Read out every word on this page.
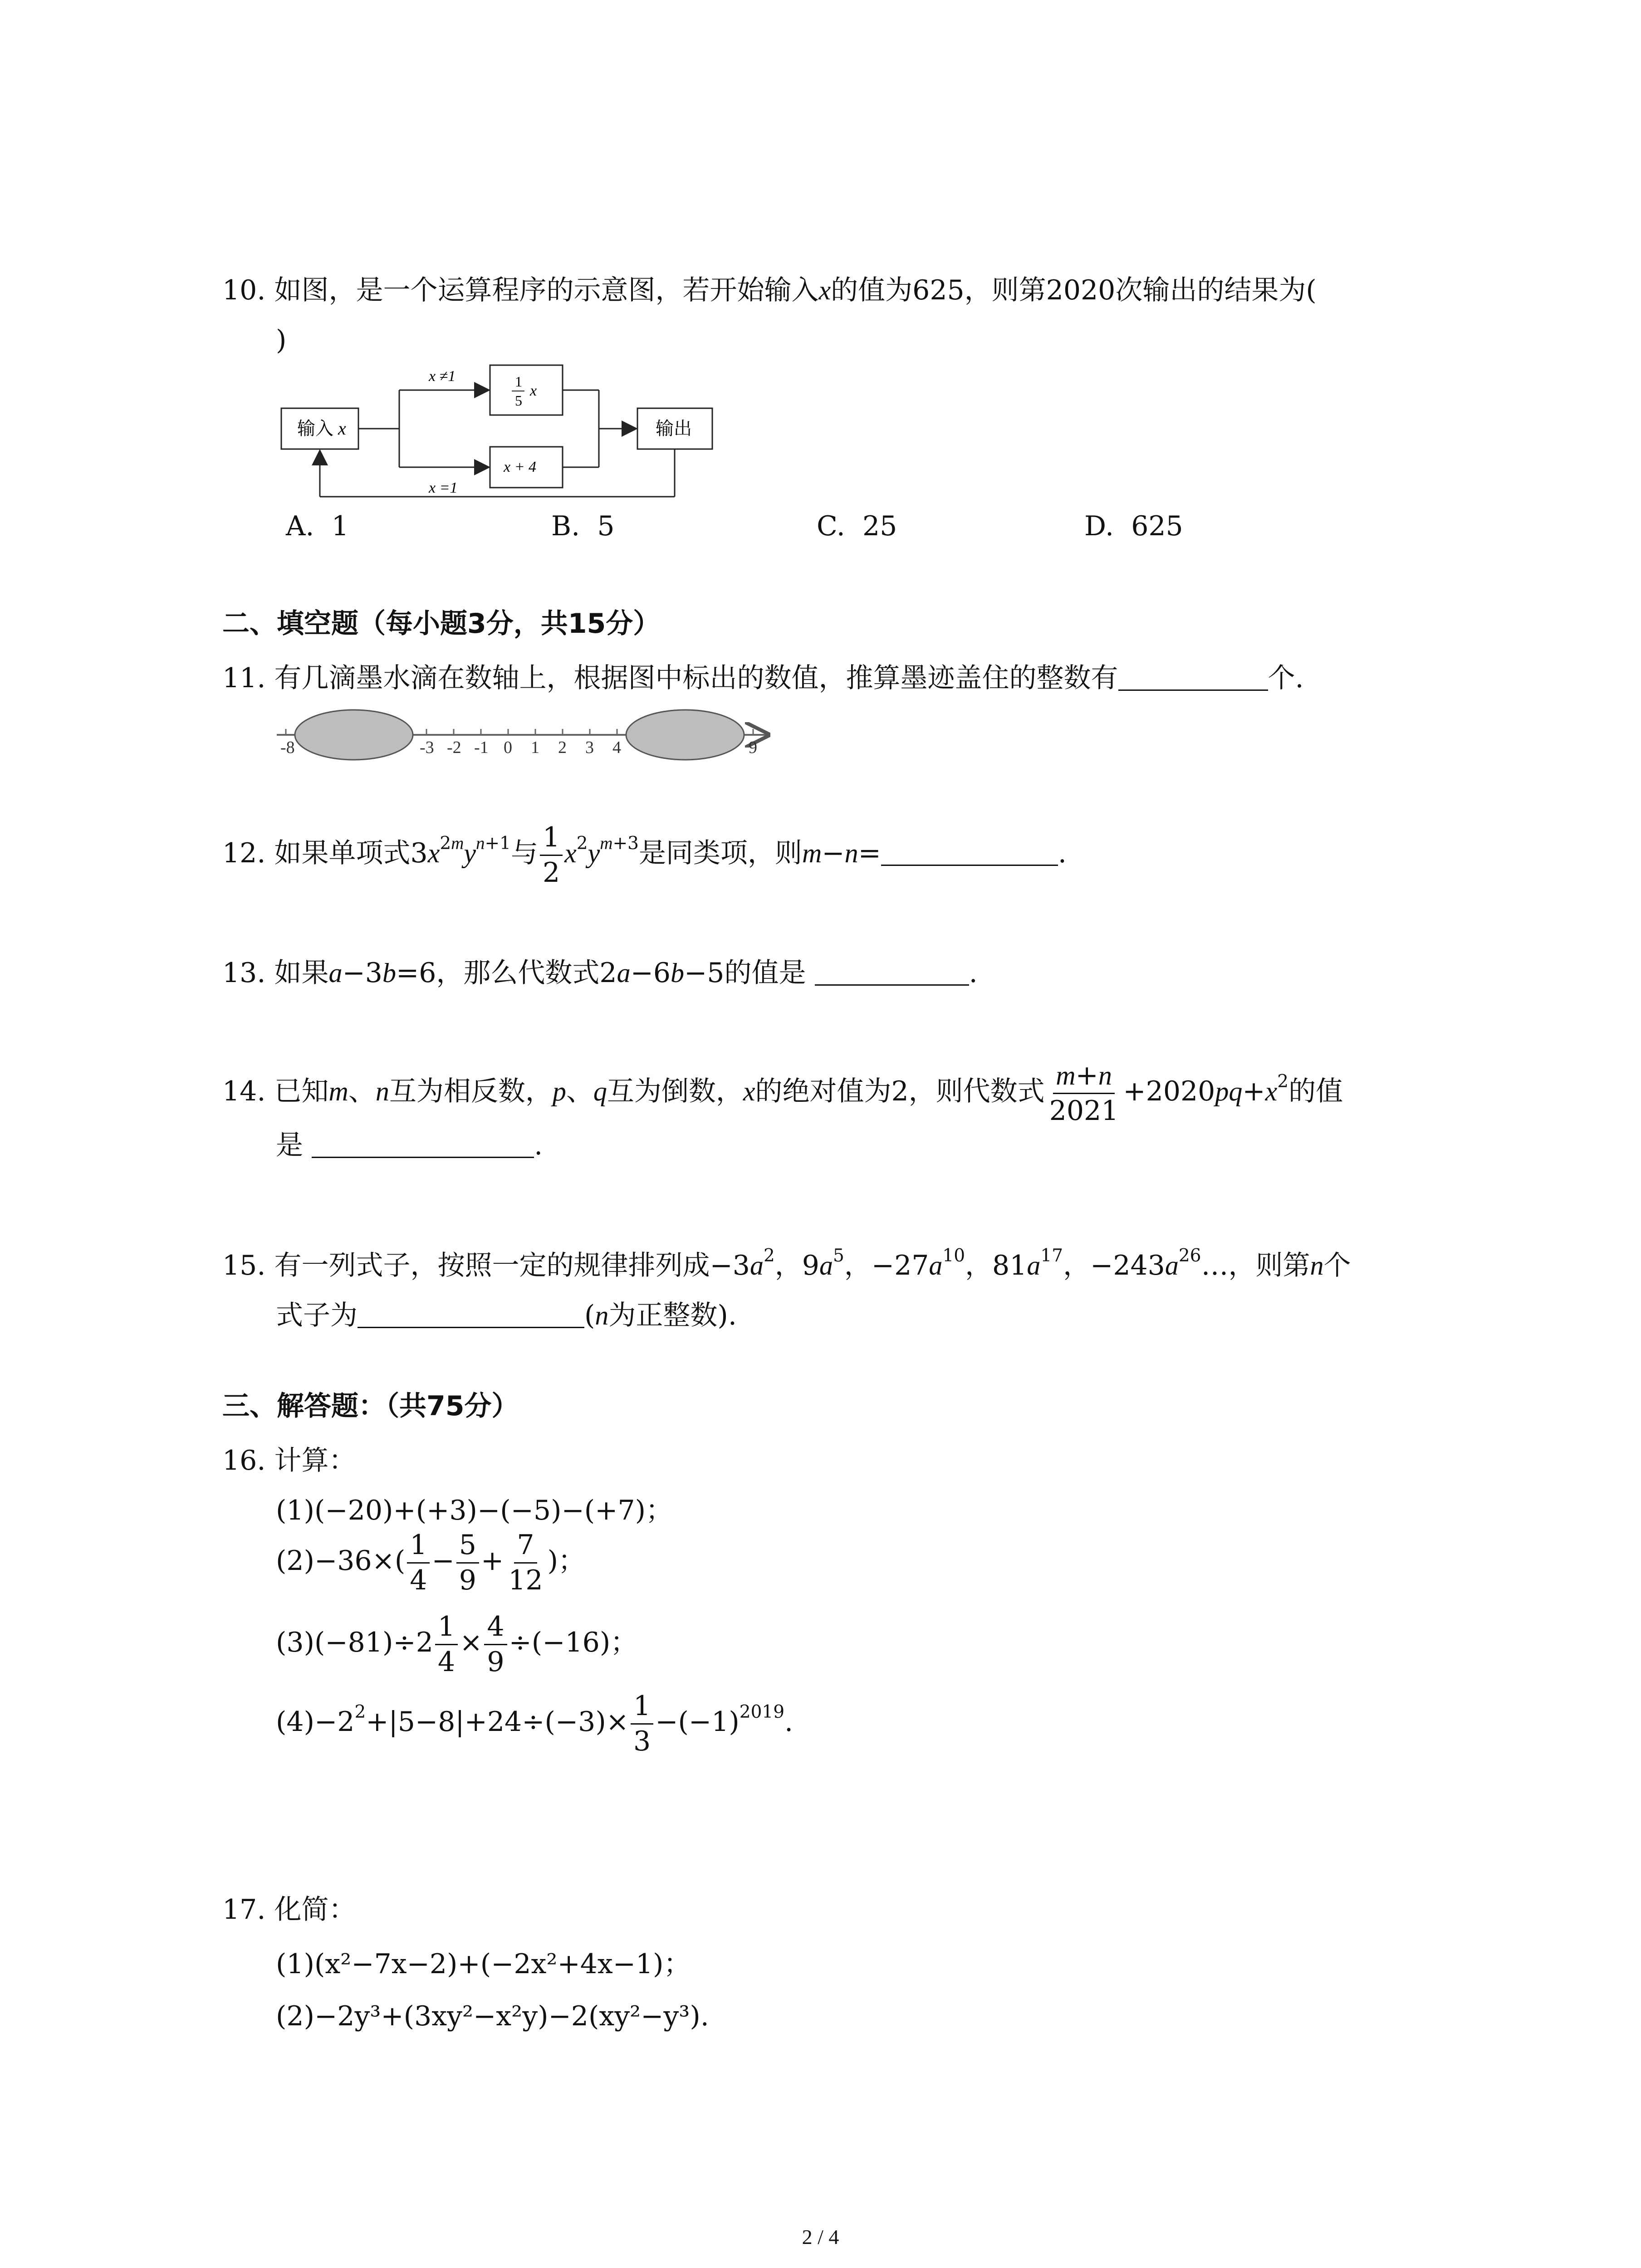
10. 如图，是一个运算程序的示意图，若开始输入x的值为625，则第2020次输出的结果为(
)
输入 x
x ≠1	1
5
x
x + 4
输出
x =1
A. 1	B. 5	C. 25	D. 625
二、填空题（每小题3分，共15分）
11. 有几滴墨水滴在数轴上，根据图中标出的数值，推算墨迹盖住的整数有	个.
-8	-3 -2 -1 0 1 2 3 4	9
12. 如果单项式$3x^{2m}y^{n+1}$与 $\frac{1}{2} x^2y^{m+3}$是同类项，则m−n=	.
13. 如果a−3b=6，那么代数式2a−6b−5的值是	.
14. 已知m、n互为相反数，p、q互为倒数，x的绝对值为2，则代数式 $\frac{m+n}{2021} +2020pq+x^2$的值
是	.
15. 有一列式子，按照一定的规律排列成$-3a^2$，$9a^5$，$-27a^{10}$，$81a^{17}$，$-243a^{26}\dots$，则第n个
式子为	(n为正整数).
三、解答题：（共75分）
16. 计算：
(1)(−20)+(+3)−(−5)−(+7)；
$(2)-36\times( \frac{1}{4} - \frac{5}{9} + \frac{7}{12}$ )；
$(3)(-81)\div 2 \frac{1}{4} \times \frac{4}{9} \div(-16)$；
$(4)-2^2+|5-8|+24\div(-3)\times \frac{1}{3} -(-1)^{2019}$.
17. 化简：
(1)(x²−7x−2)+(−2x²+4x−1)；
(2)−2y³+(3xy²−x²y)−2(xy²−y³).
2 / 4
